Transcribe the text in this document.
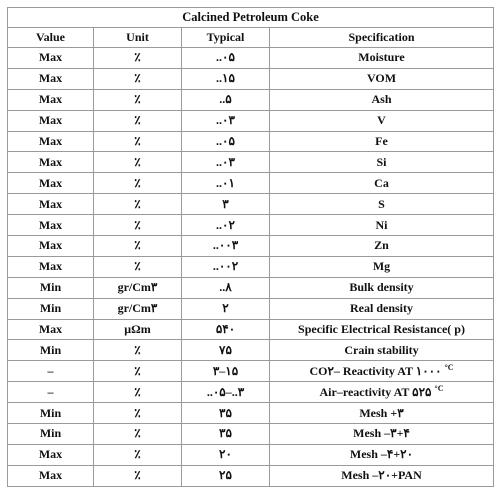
Calcined Petroleum Coke			
Value	Unit	Typical	Specification
Max	٪	..۰۵	Moisture
Max	٪	..۱۵	VOM
Max	٪	..۵	Ash
Max	٪	..۰۳	V
Max	٪	..۰۵	Fe
Max	٪	..۰۳	Si
Max	٪	..۰۱	Ca
Max	٪	۳	S
Max	٪	..۰۲	Ni
Max	٪	..۰۰۳	Zn
Max	٪	..۰۰۲	Mg
Min	gr/Cm۳	..۸	Bulk density
Min	gr/Cm۳	۲	Real density
Max	μΩm	۵۴۰	Specific Electrical Resistance( p)
Min	٪	۷۵	Crain stability
–	٪	۳–۱۵	CO۲– Reactivity AT ۱۰۰۰ $^{^\circ C}$
–	٪	..۰۵–..۳	Air–reactivity AT ۵۲۵ $^{^\circ C}$
Min	٪	۳۵	Mesh +۳
Min	٪	۳۵	Mesh –۳+۴
Max	٪	۲۰	Mesh –۴+۲۰
Max	٪	۲۵	Mesh –۲۰+PAN
